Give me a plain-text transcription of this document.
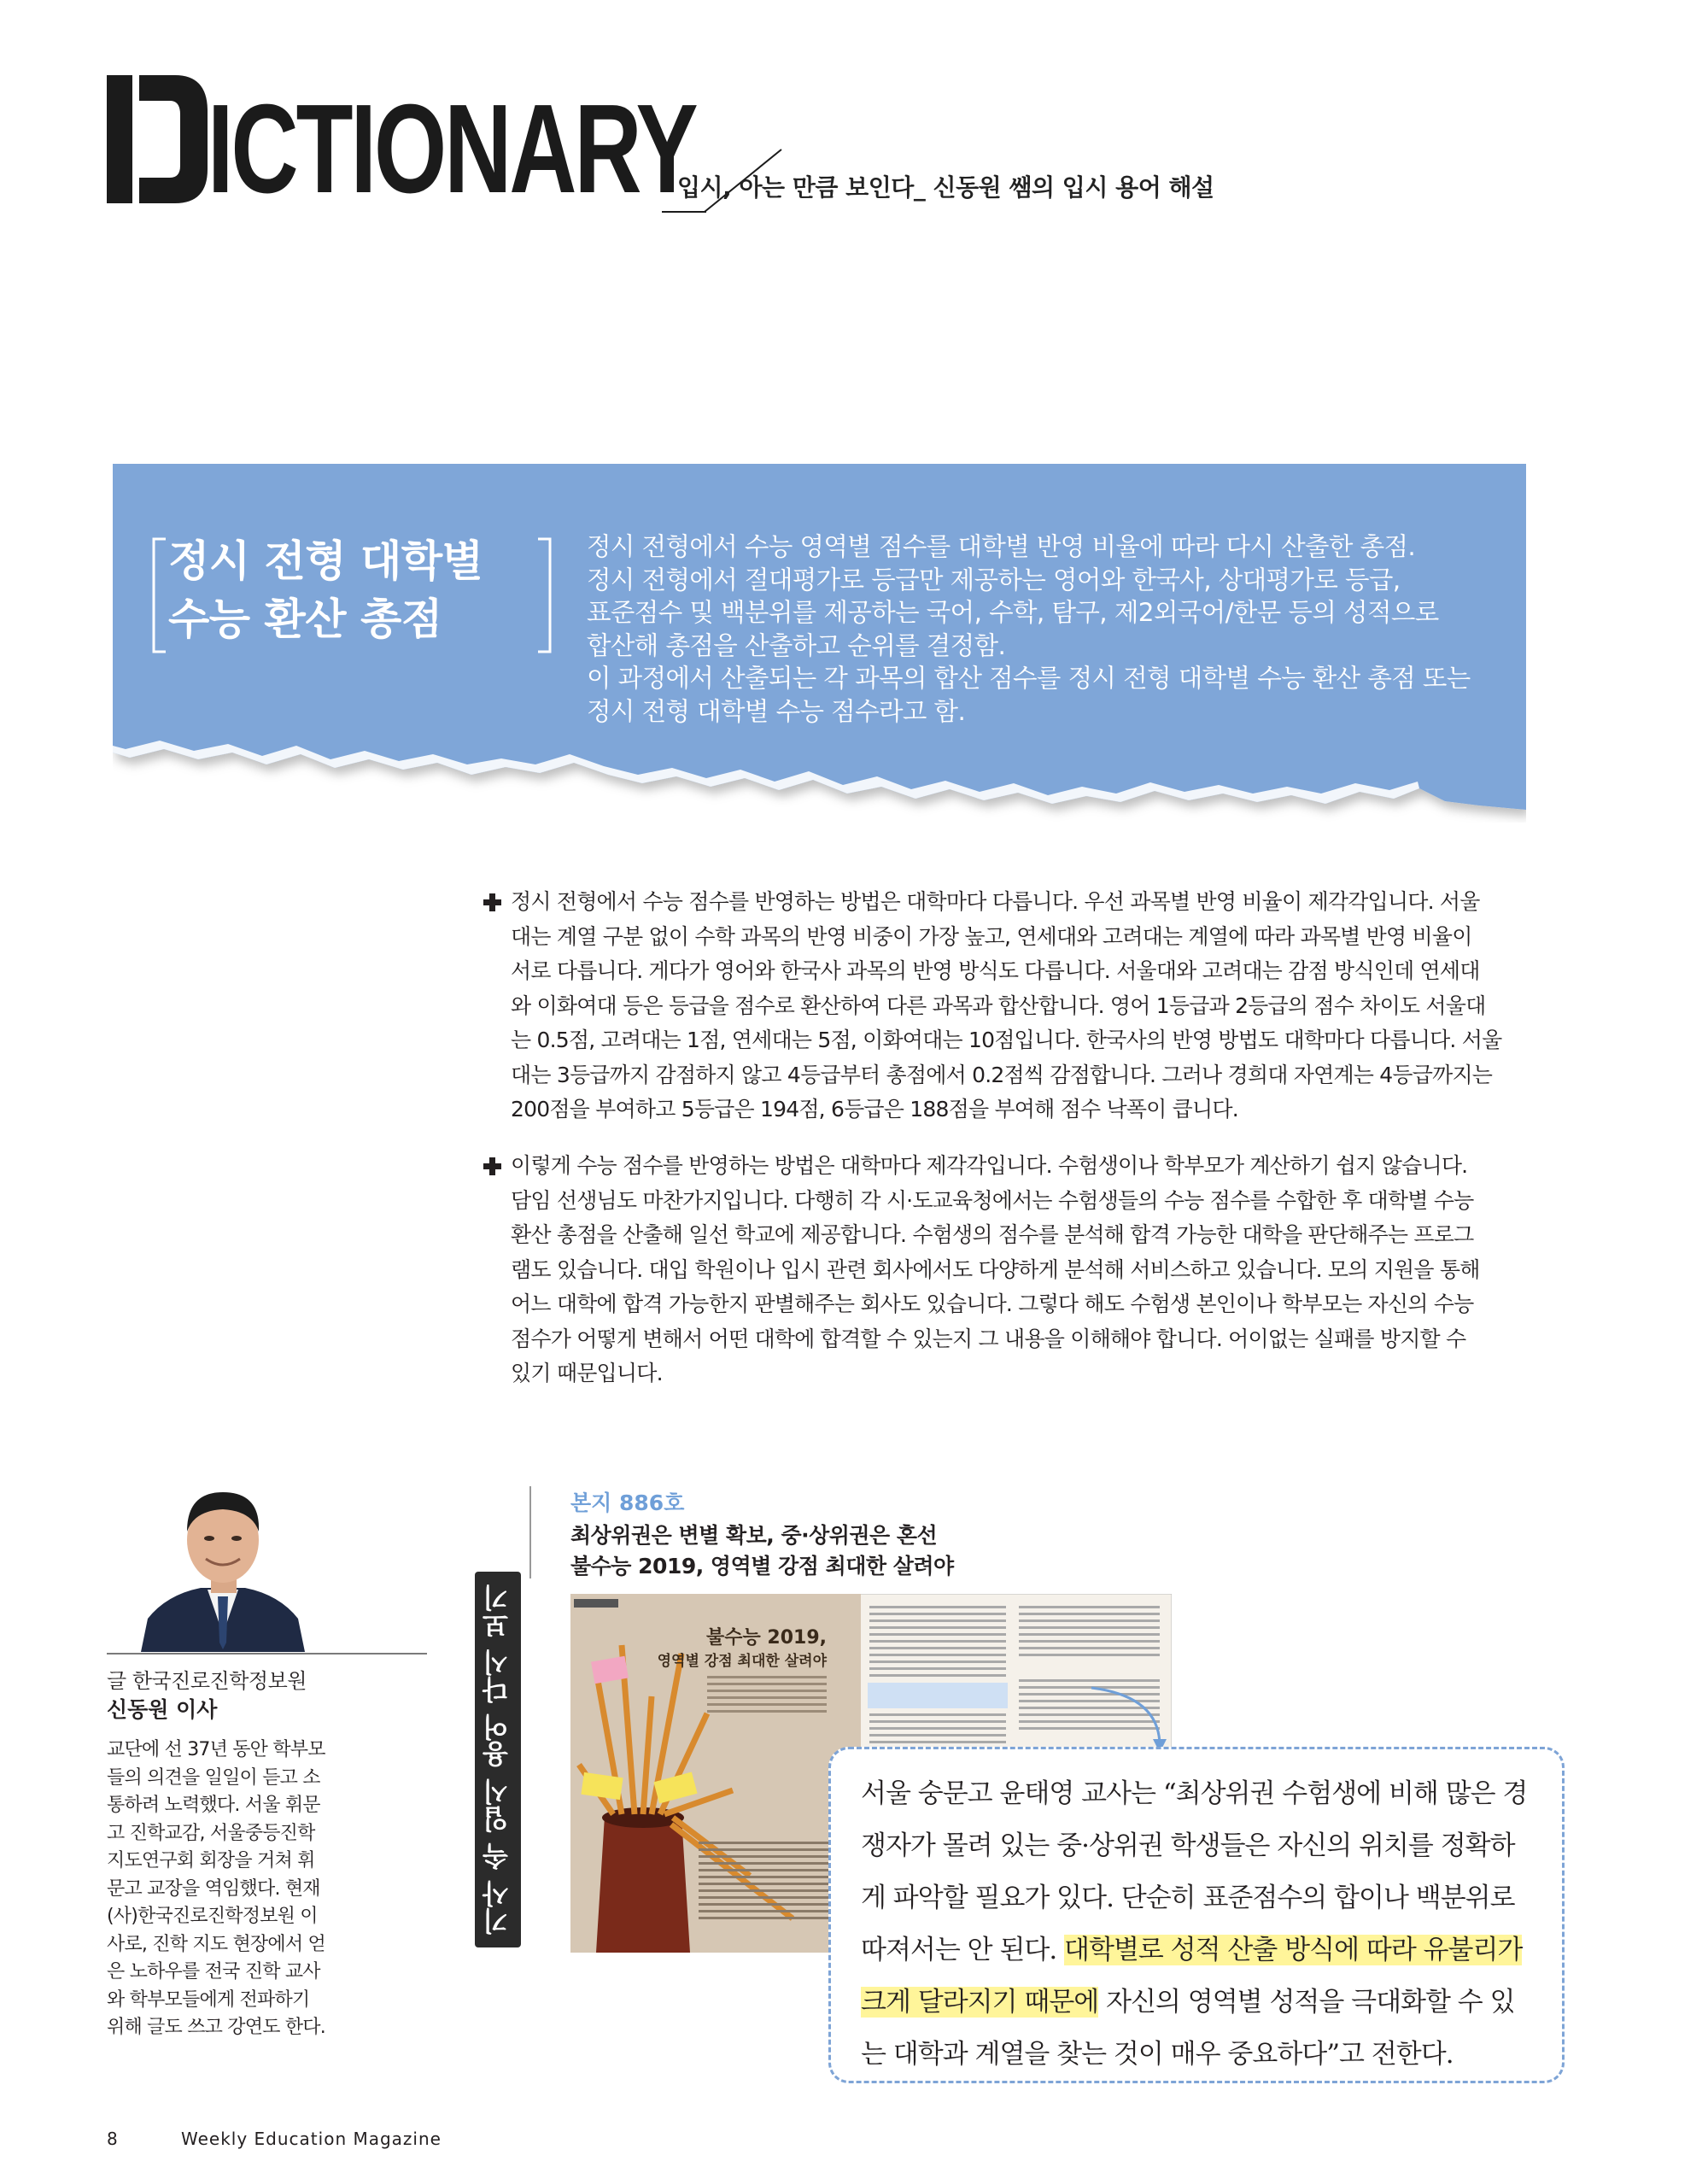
ICTIONARY
입시, 아는 만큼 보인다_ 신동원 쌤의 입시 용어 해설
정시 전형 대학별
수능 환산 총점
정시 전형에서 수능 영역별 점수를 대학별 반영 비율에 따라 다시 산출한 총점.
정시 전형에서 절대평가로 등급만 제공하는 영어와 한국사, 상대평가로 등급,
표준점수 및 백분위를 제공하는 국어, 수학, 탐구, 제2외국어/한문 등의 성적으로
합산해 총점을 산출하고 순위를 결정함.
이 과정에서 산출되는 각 과목의 합산 점수를 정시 전형 대학별 수능 환산 총점 또는
정시 전형 대학별 수능 점수라고 함.
정시 전형에서 수능 점수를 반영하는 방법은 대학마다 다릅니다. 우선 과목별 반영 비율이 제각각입니다. 서울
대는 계열 구분 없이 수학 과목의 반영 비중이 가장 높고, 연세대와 고려대는 계열에 따라 과목별 반영 비율이
서로 다릅니다. 게다가 영어와 한국사 과목의 반영 방식도 다릅니다. 서울대와 고려대는 감점 방식인데 연세대
와 이화여대 등은 등급을 점수로 환산하여 다른 과목과 합산합니다. 영어 1등급과 2등급의 점수 차이도 서울대
는 0.5점, 고려대는 1점, 연세대는 5점, 이화여대는 10점입니다. 한국사의 반영 방법도 대학마다 다릅니다. 서울
대는 3등급까지 감점하지 않고 4등급부터 총점에서 0.2점씩 감점합니다. 그러나 경희대 자연계는 4등급까지는
200점을 부여하고 5등급은 194점, 6등급은 188점을 부여해 점수 낙폭이 큽니다.
이렇게 수능 점수를 반영하는 방법은 대학마다 제각각입니다. 수험생이나 학부모가 계산하기 쉽지 않습니다.
담임 선생님도 마찬가지입니다. 다행히 각 시·도교육청에서는 수험생들의 수능 점수를 수합한 후 대학별 수능
환산 총점을 산출해 일선 학교에 제공합니다. 수험생의 점수를 분석해 합격 가능한 대학을 판단해주는 프로그
램도 있습니다. 대입 학원이나 입시 관련 회사에서도 다양하게 분석해 서비스하고 있습니다. 모의 지원을 통해
어느 대학에 합격 가능한지 판별해주는 회사도 있습니다. 그렇다 해도 수험생 본인이나 학부모는 자신의 수능
점수가 어떻게 변해서 어떤 대학에 합격할 수 있는지 그 내용을 이해해야 합니다. 어이없는 실패를 방지할 수
있기 때문입니다.
글 한국진로진학정보원
신동원 이사
교단에 선 37년 동안 학부모
들의 의견을 일일이 듣고 소
통하려 노력했다. 서울 휘문
고 진학교감, 서울중등진학
지도연구회 회장을 거쳐 휘
문고 교장을 역임했다. 현재
(사)한국진로진학정보원 이
사로, 진학 지도 현장에서 얻
은 노하우를 전국 진학 교사
와 학부모들에게 전파하기
위해 글도 쓰고 강연도 한다.
기사 속 입시 용어 다시 보기
본지 886호
최상위권은 변별 확보, 중·상위권은 혼선
불수능 2019, 영역별 강점 최대한 살려야
불수능 2019,
영역별 강점 최대한 살려야
서울 숭문고 윤태영 교사는 “최상위권 수험생에 비해 많은 경
쟁자가 몰려 있는 중·상위권 학생들은 자신의 위치를 정확하
게 파악할 필요가 있다. 단순히 표준점수의 합이나 백분위로
따져서는 안 된다. 대학별로 성적 산출 방식에 따라 유불리가
크게 달라지기 때문에 자신의 영역별 성적을 극대화할 수 있
는 대학과 계열을 찾는 것이 매우 중요하다”고 전한다.
8	Weekly Education Magazine
